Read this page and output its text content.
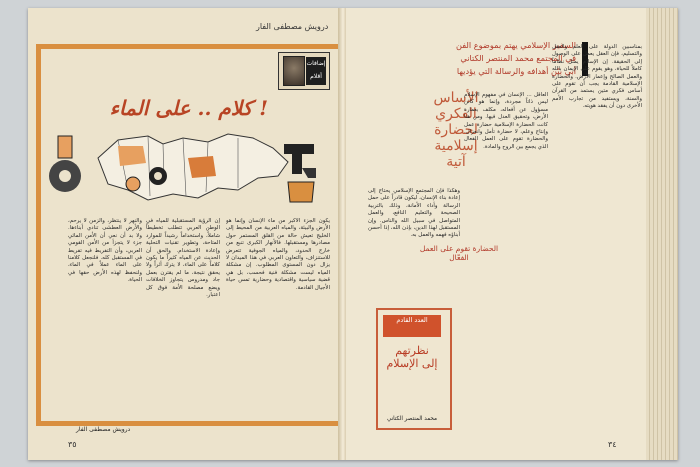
درويش مصطفى الفار
إضافات
أقلام
كلام .. على الماء !
يكون الجزء الأكبر من ماء الإنسان وإنما هو الأرض والبيئة، والمياه العربية من المحيط إلى الخليج تعيش حالة من القلق المستمر حول مصادرها ومستقبلها. فالأنهار الكبرى تنبع من خارج الحدود، والمياه الجوفية تتعرض للاستنزاف، والتعاون العربي في هذا الميدان لا يزال دون المستوى المطلوب. إن مشكلة المياه ليست مشكلة فنية فحسب، بل هي قضية سياسية واقتصادية وحضارية تمس حياة الأجيال القادمة.
إن الرؤية المستقبلية للمياه في الوطن العربي تتطلب تخطيطاً شاملاً، واستخداماً رشيداً للموارد المتاحة، وتطوير تقنيات التحلية وإعادة الاستخدام. والحق أن الحديث عن المياه كثيراً ما يكون كلاماً على الماء، لا يترك أثراً ولا يحقق نتيجة، ما لم يقترن بعمل جاد ومدروس يتجاوز الخلافات ويضع مصلحة الأمة فوق كل اعتبار.
والنهر لا ينتظر، والزمن لا يرحم، والأرض العطشى تنادي أبناءها. ولا بد أن نعي أن الأمن المائي جزء لا يتجزأ من الأمن القومي العربي، وأن التفريط فيه تفريط في المستقبل كله. فلنجعل كلامنا على الماء عملاً في الماء، ولنحفظ لهذه الأرض حقها في الحياة.
درويش مصطفى الفار
٣٥
السفير الإسلامي يهتم بموضوع الفن
في المجتمع محمد المنتصر الكتاني
أبي بيّن أهدافه والرسالة التي يؤديها
الأساس
الفكري
لحضارة
إسلامية
آتية
الحضارة تقوم على العمل الفعّال
بمناسبين الدولة على العلم والعقل والتسليم، فإن العقل يعمل على الوصول إلى الحقيقة. إن الإسلام يمثل نظاماً كاملاً للحياة، وهو يقوم على الإيمان بالله والعمل الصالح وإعمار الأرض. والحضارة الإسلامية القادمة يجب أن تقوم على أساس فكري متين يستمد من القرآن والسنة، ويستفيد من تجارب الأمم الأخرى دون أن يفقد هويته.
العاقل ... الإنسان في مفهوم الإسلام ليس ذاتاً مجردة، وإنما هو كائن مسؤول عن أفعاله، مكلف بعمارة الأرض، وتحقيق العدل فيها. ومن هنا كانت الحضارة الإسلامية حضارة عمل وإنتاج وعلم، لا حضارة تأمل وانعزال. والحضارة تقوم على العمل الفعال الذي يجمع بين الروح والمادة.
وهكذا فإن المجتمع الإسلامي يحتاج إلى إعادة بناء الإنسان، ليكون قادراً على حمل الرسالة وأداء الأمانة، وذلك بالتربية الصحيحة والتعليم النافع، والعمل المتواصل في سبيل الله والناس. وإن المستقبل لهذا الدين، بإذن الله، إذا أحسن أبناؤه فهمه والعمل به.
العدد القادم
نظرتهم
إلى الإسلام
محمد المنتصر الكتاني
٣٤
